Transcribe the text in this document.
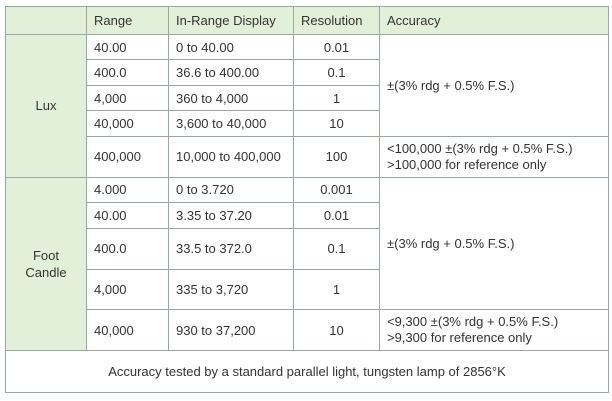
	Range	In-Range Display	Resolution	Accuracy
Lux	40.00	0 to 40.00	0.01	±(3% rdg + 0.5% F.S.)
	400.0	36.6 to 400.00	0.1	
	4,000	360 to 4,000	1	
	40,000	3,600 to 40,000	10	
	400,000	10,000 to 400,000	100	<100,000 ±(3% rdg + 0.5% F.S.)
>100,000 for reference only

Foot
Candle	4.000	0 to 3.720	0.001	±(3% rdg + 0.5% F.S.)
	40.00	3.35 to 37.20	0.01	
	400.0	33.5 to 372.0	0.1	
	4,000	335 to 3,720	1	
	40,000	930 to 37,200	10	<9,300 ±(3% rdg + 0.5% F.S.)
>9,300 for reference only

Accuracy tested by a standard parallel light, tungsten lamp of 2856°K				
